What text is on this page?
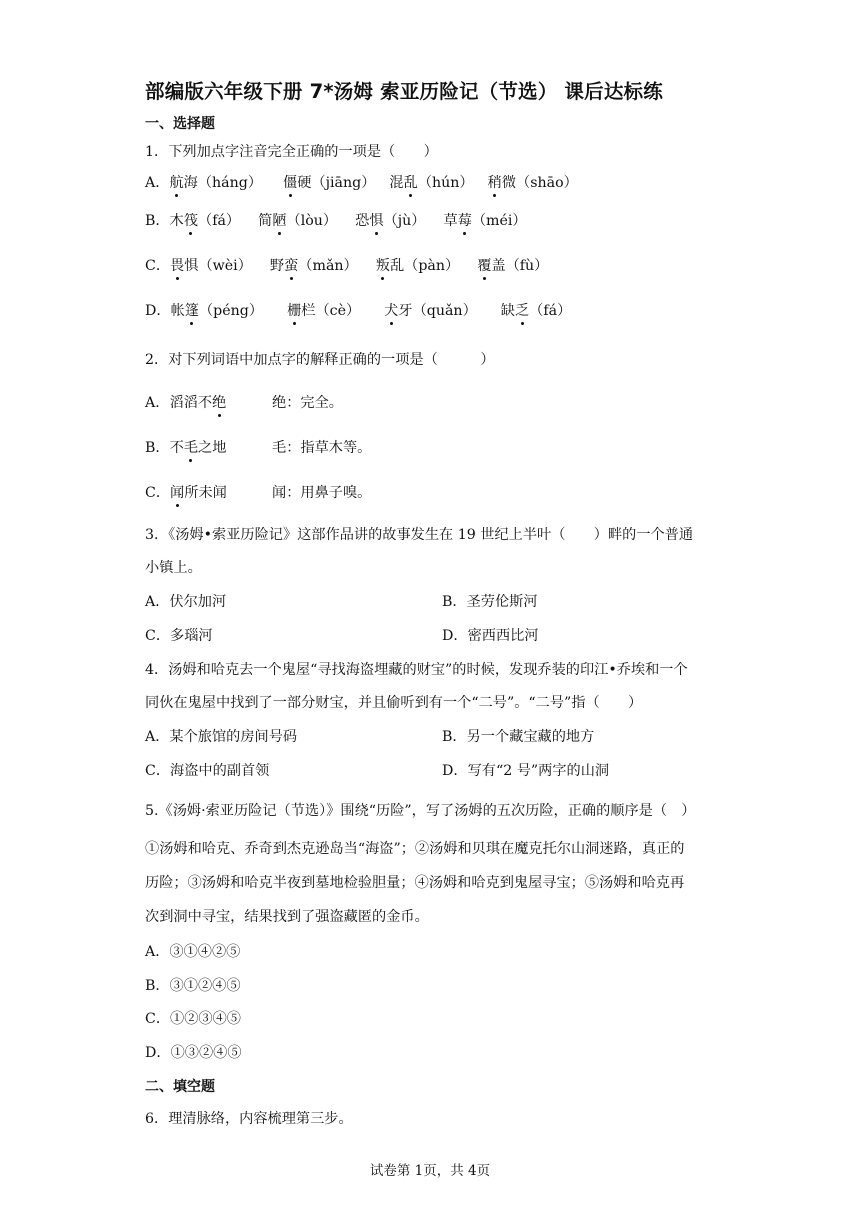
部编版六年级下册 7*汤姆 索亚历险记（节选） 课后达标练
一、选择题
1．下列加点字注音完全正确的一项是（　　）
A．航海（háng） 僵硬（jiāng） 混乱（hún） 稍微（shāo）
B．木筏（fá） 简陋（lòu） 恐惧（jù） 草莓（méi）
C．畏惧（wèi） 野蛮（mǎn） 叛乱（pàn） 覆盖（fù）
D．帐篷（péng） 栅栏（cè） 犬牙（quǎn） 缺乏（fá）
2．对下列词语中加点字的解释正确的一项是（　　　）
A．滔滔不绝	绝：完全。
B．不毛之地	毛：指草木等。
C．闻所未闻	闻：用鼻子嗅。
3．《汤姆•索亚历险记》这部作品讲的故事发生在 19 世纪上半叶（　　）畔的一个普通
小镇上。
A．伏尔加河	B．圣劳伦斯河
C．多瑙河	D．密西西比河
4．汤姆和哈克去一个鬼屋“寻找海盗埋藏的财宝”的时候，发现乔装的印江•乔埃和一个
同伙在鬼屋中找到了一部分财宝，并且偷听到有一个“二号”。“二号”指（　　）
A．某个旅馆的房间号码	B．另一个藏宝藏的地方
C．海盗中的副首领	D．写有“2 号”两字的山洞
5.《汤姆·索亚历险记（节选）》围绕“历险”，写了汤姆的五次历险，正确的顺序是（　）
①汤姆和哈克、乔奇到杰克逊岛当“海盗”；②汤姆和贝琪在魔克托尔山洞迷路，真正的
历险；③汤姆和哈克半夜到墓地检验胆量；④汤姆和哈克到鬼屋寻宝；⑤汤姆和哈克再
次到洞中寻宝，结果找到了强盗藏匿的金币。
A．③①④②⑤
B．③①②④⑤
C．①②③④⑤
D．①③②④⑤
二、填空题
6．理清脉络，内容梳理第三步。
试卷第 1页，共 4页
